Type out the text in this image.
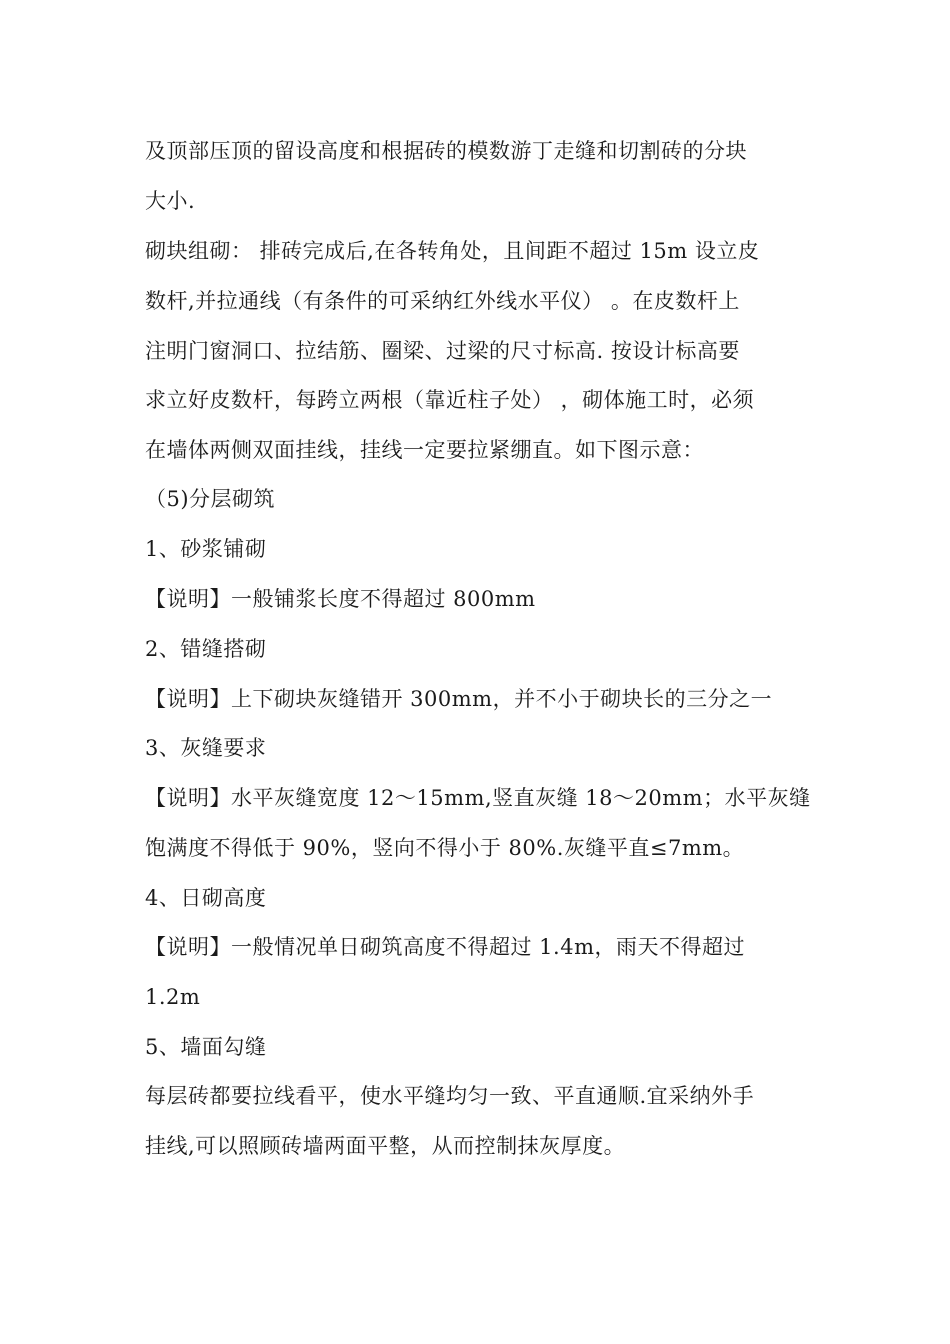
及顶部压顶的留设高度和根据砖的模数游丁走缝和切割砖的分块
大小.
砌块组砌： 排砖完成后,在各转角处，且间距不超过 15m 设立皮
数杆,并拉通线（有条件的可采纳红外线水平仪） 。在皮数杆上
注明门窗洞口、拉结筋、圈梁、过梁的尺寸标高. 按设计标高要
求立好皮数杆，每跨立两根（靠近柱子处） ，砌体施工时，必须
在墙体两侧双面挂线，挂线一定要拉紧绷直。如下图示意：
（5)分层砌筑
1、砂浆铺砌
【说明】一般铺浆长度不得超过 800mm
2、错缝搭砌
【说明】上下砌块灰缝错开 300mm，并不小于砌块长的三分之一
3、灰缝要求
【说明】水平灰缝宽度 12～15mm,竖直灰缝 18～20mm；水平灰缝
饱满度不得低于 90%，竖向不得小于 80%.灰缝平直≤7mm。
4、日砌高度
【说明】一般情况单日砌筑高度不得超过 1.4m，雨天不得超过
1.2m
5、墙面勾缝
每层砖都要拉线看平，使水平缝均匀一致、平直通顺.宜采纳外手
挂线,可以照顾砖墙两面平整，从而控制抹灰厚度。
